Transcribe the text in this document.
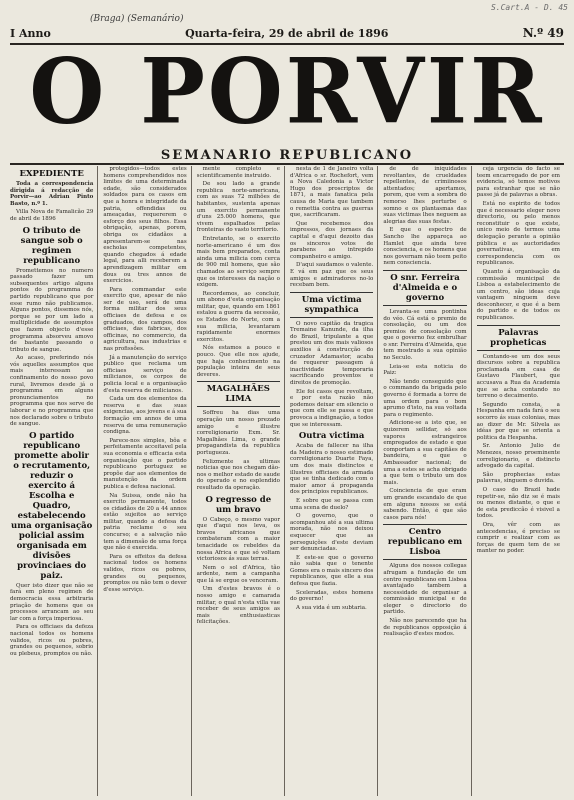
S.Cart.A - D. 45
(Braga) (Semanário)
I Anno	Quarta-feira, 29 de abril de 1896	N.º 49
O PORVIR
SEMANARIO REPUBLICANO
EXPEDIENTE

Toda a correspondencia dirigida á redacção de Porvir—ao Adrian Pinto Basto, n.º 1.

Villa Nova de Famalicão 29 de abril de 1896

O tributo de sangue sob o regimen republicano

Promettemos no numero passado fazer um subsequentes artigo alguns pontos do programma do partido republicano que por esse rumo não publicamos. Alguns pontos, dissemos nós, porque se por um lado a multiplicidade de assumptos que fazem objecto d'esse programma absorveu amovo de bastante passando o tributo de sangue.

Ao acaso, preferindo nós vós aquelles assumptos que mais interessam ao confinamento do nosso povo rural, livremos desde já o programma em alguns pronunciamentos no programma que nos serve de laborar e no programma que nos declarado sobre o tributo de sangue.

O partido republicano promette abolir o recrutamento, reduzir o exercito á Escolha e Quadro, estabelecendo uma organisação policial assim organisada em divisões provinciaes do paiz.

Quer isto dizer que não se fará em pleno regimen de democracia essa arbitraria priação de homens que os processos arrancam ao seu lar com a força imperiosa.

Para os officiaes da defeza nacional todos os homens validos, ricos ou pobres, grandes ou pequenos, sobrio ou plebeus, promptos ou não.

protegidos—todos estes homens comprehendidos nos limites de uma determinada edade, são considerados soldados para os casos em que a honra e integridade da patria, offendidas ou ameaçadas, requererem o esforço dos seus filhos. Essa obrigação, apenas, porem, obriga os cidadãos a apresentarem-se nas escholas competentes, quando chegados á edade legal, para alli receberem a aprendizagem militar em dous ou tres annos de exercicios.

Para commandar este exercito que, apesar de não ser de uso, será de uma forma militar dos seus officiaes de defesa e os graduados, dos campos, dos officiaes, das fabricas, dos officinas, no commercio, da agricultura, nas industrias e nas profissões.

Já a manutenção do serviço publico que reclama um officiaes serviço de milicianos, os corpos de policia local e a organisação d'esta reserva de milicianos.

Cada um dos elementos da reserva e das suas exigencias, aos jovens e á sua formação em annos de uma reserva de uma remuneração condigna.

Parece-nos simples, bôa e perfeitamente acceitavel pela sua economia e efficacia esta organisação que o partido republicano portuguez se propõe dar aos elementos de manutenção da ordem publica e defesa nacional.

Na Suissa, onde não ha exercito permanente, todos os cidadãos de 20 a 44 annos estão sujeitos ao serviço militar, quando a defesa da patria reclame o seu concurso; e a salvação não tem a dimensão de uma força que não é exercida.

Para os effeitos da defesa nacional todos os homens validos, ricos ou pobres, grandes ou pequenos, promptos ou não tem o dever d'esse serviço.

mente completo e scientificamente instruido.

De sou lado a grande republica norte-americana, com as suas 72 milhões de habitantes, sustenta apenas um exercito permanente d'uns 25.000 homens, que vivem espalhados pelas fronteiras do vasto territorio.

Entretanto, se o exercito norte-americano é um dos mais bem preparados, conta ainda uma milicia com cerca de 900 mil homens, que são chamados ao serviço sempre que os interesses da nação o exigem.

Recordemos, ao concluir, um abono d'esta organisação militar, que, quando em 1861 estalou a guerra da secessão, os Estados do Norte, com a sua milicia, levantaram rapidamente enormes exercitos.

Nós estamos a pouco e pouco. Que elle nos ajude, que haja conhecimento na população inteira de seus deveres.

MAGALHÃES LIMA

Soffreu ha dias uma operação um nosso prezado amigo e illustre correligionario Exm. Sr. Magalhães Lima, o grande propagandista da republica portugueza.

Felizmente as ultimas noticias que nos chegam dão-nos o melhor estado de saude do operado e no esplendido resultado da operação.

O regresso de um bravo

O Cabeço, o mesmo vapor que d'aqui nos leva, os bravos africanos que combateram com a maior tenacidade os rebeldes da nossa Africa e que só voltam victoriosos ás suas terras.

Nem o sol d'Africa, tão ardente, nem a campanha que lá se ergue os venceram.

Um d'estes bravos é o nosso amigo e camarada militar, o qual n'esta villa vae receber de seus amigos as mais enthusiasticas felicitações.

nesta de 1 de Janeiro volta d'Africa o sr. Rochefort, vem a Nova Caledonia a Victor Hugo dos proscriptos de 1871, a mais fanatica pela causa de Maria que tambem o remettia contra as guerras que, sacrificaram.

Que recebemos dos impressos, dos jornaes da capital e d'aqui dezoito das os sinceros votos de parabens ao intrepido companheiro e amigo.

D'aqui saudamos o valente. E vá em paz que os seus amigos e admiradores no-lo recebam bem.

Uma victima sympathica

O novo capitão da tragica Tremaine Kanunde, da ilha do Brazil, tripulante a que prestou um dos mais valiosos auxilios á construcção do cruzador Adamastor, acaba de requerer passagem á inactividade temporaria sacrificando proventos e direitos de promoção.

Ele foi casos que revoltam, e por esta razão não podemos deixar em silencio o que com elle se passa e que provoca a indignação, a todos que se interessam.

Outra victima

Acaba de fallecer na ilha da Madeira o nosso estimado correligionario Duarte Faya, um dos mais distinctos e illustres officiaes da armada que se tinha dedicado com o maior amor á propaganda dos principios republicanos.

E sobre que se passa com uma scena de duelo?

O governo, que o acompanhou até a sua ultima morada, não nos deixou esquecer que as perseguições d'este deviam ser denunciadas.

E este-se que o governo não sabia que o tenente Gomes era o mais sincero dos republicanos, que elle a sua defesa que fazia.

Sceleradas, estes homens do governo!

A sua vida é um subtaria.

de de iniquidades revoltantes, de crueldades repellentes, de crimiinosos attentados; apertamos, porem, que vem a sombra do remorso lhes perturbe o somno e os plantasmas das suas victimas lhes neguem as alegrias das suas festas.

E que o espectro de Sancho lhe appareça ao Hamlet que ainda teve consciencia, e os homens que nos governam não teem peito nem consciencia.

O snr. Ferreira d'Almeida e o governo

Levanta-se uma pontinha do véo. Cá está o premio de consolação, ou um dos premios de consolação com que o governo fez embrulhar o snr. Ferreira d'Almeida, que tem mostrado a sua opinião no Seculo.

Leia-se esta noticia do Paiz:

Não tendo conseguido que o commando da brigada pelo governo é formada a torre de uma ordem para o bom aprumo d'isto, na sua voltada para o regimento.

Adicione-se a isto que, se quizerem sellidar, só aos vapores estrangeiros empregados de estado e que comportam a sua capitães de bandeira, e que o Ambassador nacional; de uma a estes se acha obrigado a que tem o tributo um dos mais.

Coinciencia de que eram um grande escandalo de que em alguns nossos se está sabendo. Então, é que são casos para nós!

Centro republicano em Lisboa

Alguns dos nossos collegas afrugam a fundação de um centro republicano em Lisboa avantajado tambem a necessidade de organisar a commissão municipal e de eleger o directorio do partido.

Não nos parecendo que ha de republicanos opposição á realisação d'estes modos.

ceja urgencia do facto se teem encarregado de por em evidencia, só temos motivos para estranhar que se não passe já de palavras a obras.

Está no espirito de todos que é necessario eleger novo directorio, ou pelo menos reconstituir o que existe, unico meio de termos uma delegação perante a opinião pública e as auctoridades governativas, em correspondencia com os republicanos.

Quanto á organisação da commissão municipal de Lisboa a estabelecimento de um centro, são ideas cuja vantagem ninguem deve desconhecer, e que é a bem do partido e de todos os republicanos.

Palavras propheticas

Contando-se um dos seus discursos sobre a republica proclamada em casa de Gustavo Flaubert, que accusava a Rua da Academia que se acha contando no terreno o decaimento.

Segundo consta, a Hespanha em nada fará o seu socorro ás suas colonias, mas ao dizer de Mr. Silvela as idéas por que se orienta a politica da Hespanha.

Sr. Antonio Julio de Menezes, nosso proeminente correligionario, e distincto advogado da capital.

São prophecias estas palavras, singuem o duvida.

O caso do Brazil hade repetir-se, não diz se é mais ou menos distante, o que e de esta prediccão é visivel a todos.

Ora, vêr com as antecedencias, é preciso se cumprir e realizar com as forças de quem tem de se manter no poder.
